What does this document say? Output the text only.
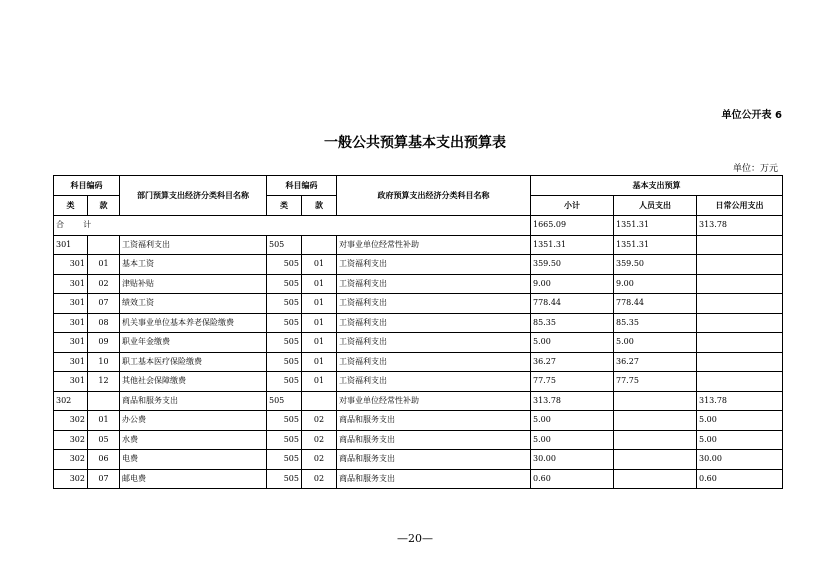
单位公开表 6
一般公共预算基本支出预算表
单位：万元
科目编码		部门预算支出经济分类科目名称	科目编码		政府预算支出经济分类科目名称	基本支出预算		
类	款		类	款		小计	人员支出	日常公用支出
合 计						1665.09	1351.31	313.78
301		工资福利支出	505		对事业单位经常性补助	1351.31	1351.31	
301	01	基本工资	505	01	工资福利支出	359.50	359.50	
301	02	津贴补贴	505	01	工资福利支出	9.00	9.00	
301	07	绩效工资	505	01	工资福利支出	778.44	778.44	
301	08	机关事业单位基本养老保险缴费	505	01	工资福利支出	85.35	85.35	
301	09	职业年金缴费	505	01	工资福利支出	5.00	5.00	
301	10	职工基本医疗保险缴费	505	01	工资福利支出	36.27	36.27	
301	12	其他社会保障缴费	505	01	工资福利支出	77.75	77.75	
302		商品和服务支出	505		对事业单位经常性补助	313.78		313.78
302	01	办公费	505	02	商品和服务支出	5.00		5.00
302	05	水费	505	02	商品和服务支出	5.00		5.00
302	06	电费	505	02	商品和服务支出	30.00		30.00
302	07	邮电费	505	02	商品和服务支出	0.60		0.60
—20—
